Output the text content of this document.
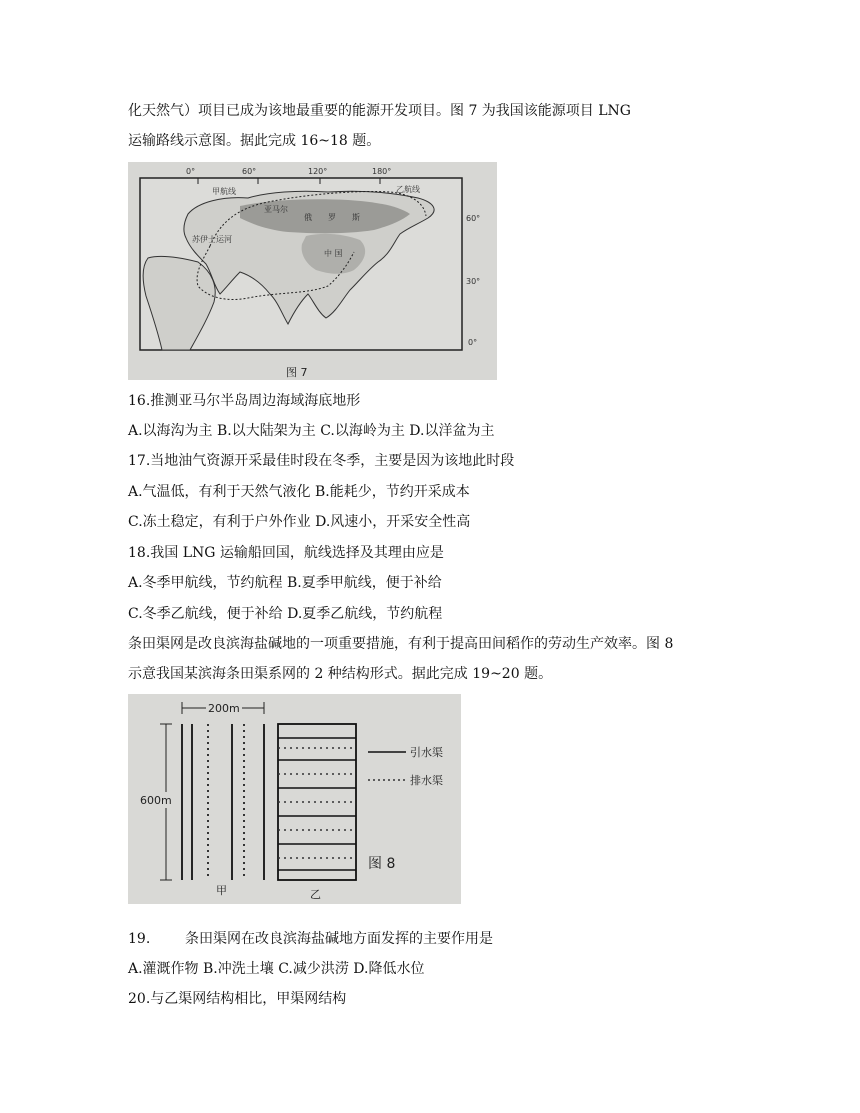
化天然气）项目已成为该地最重要的能源开发项目。图 7 为我国该能源项目 LNG
运输路线示意图。据此完成 16~18 题。
0°	60°	120°	180°
60°
30°
0°
甲航线	乙航线
亚马尔
苏伊士运河
俄 罗 斯
中 国
图 7
16.推测亚马尔半岛周边海域海底地形
A.以海沟为主 B.以大陆架为主 C.以海岭为主 D.以洋盆为主
17.当地油气资源开采最佳时段在冬季，主要是因为该地此时段
A.气温低，有利于天然气液化 B.能耗少，节约开采成本
C.冻土稳定，有利于户外作业 D.风速小，开采安全性高
18.我国 LNG 运输船回国，航线选择及其理由应是
A.冬季甲航线，节约航程 B.夏季甲航线，便于补给
C.冬季乙航线，便于补给 D.夏季乙航线，节约航程
条田渠网是改良滨海盐碱地的一项重要措施，有利于提高田间稻作的劳动生产效率。图 8
示意我国某滨海条田渠系网的 2 种结构形式。据此完成 19~20 题。
200m
600m
甲	乙
引水渠
排水渠
图 8
19. 条田渠网在改良滨海盐碱地方面发挥的主要作用是
A.灌溉作物 B.冲洗土壤 C.减少洪涝 D.降低水位
20.与乙渠网结构相比，甲渠网结构
